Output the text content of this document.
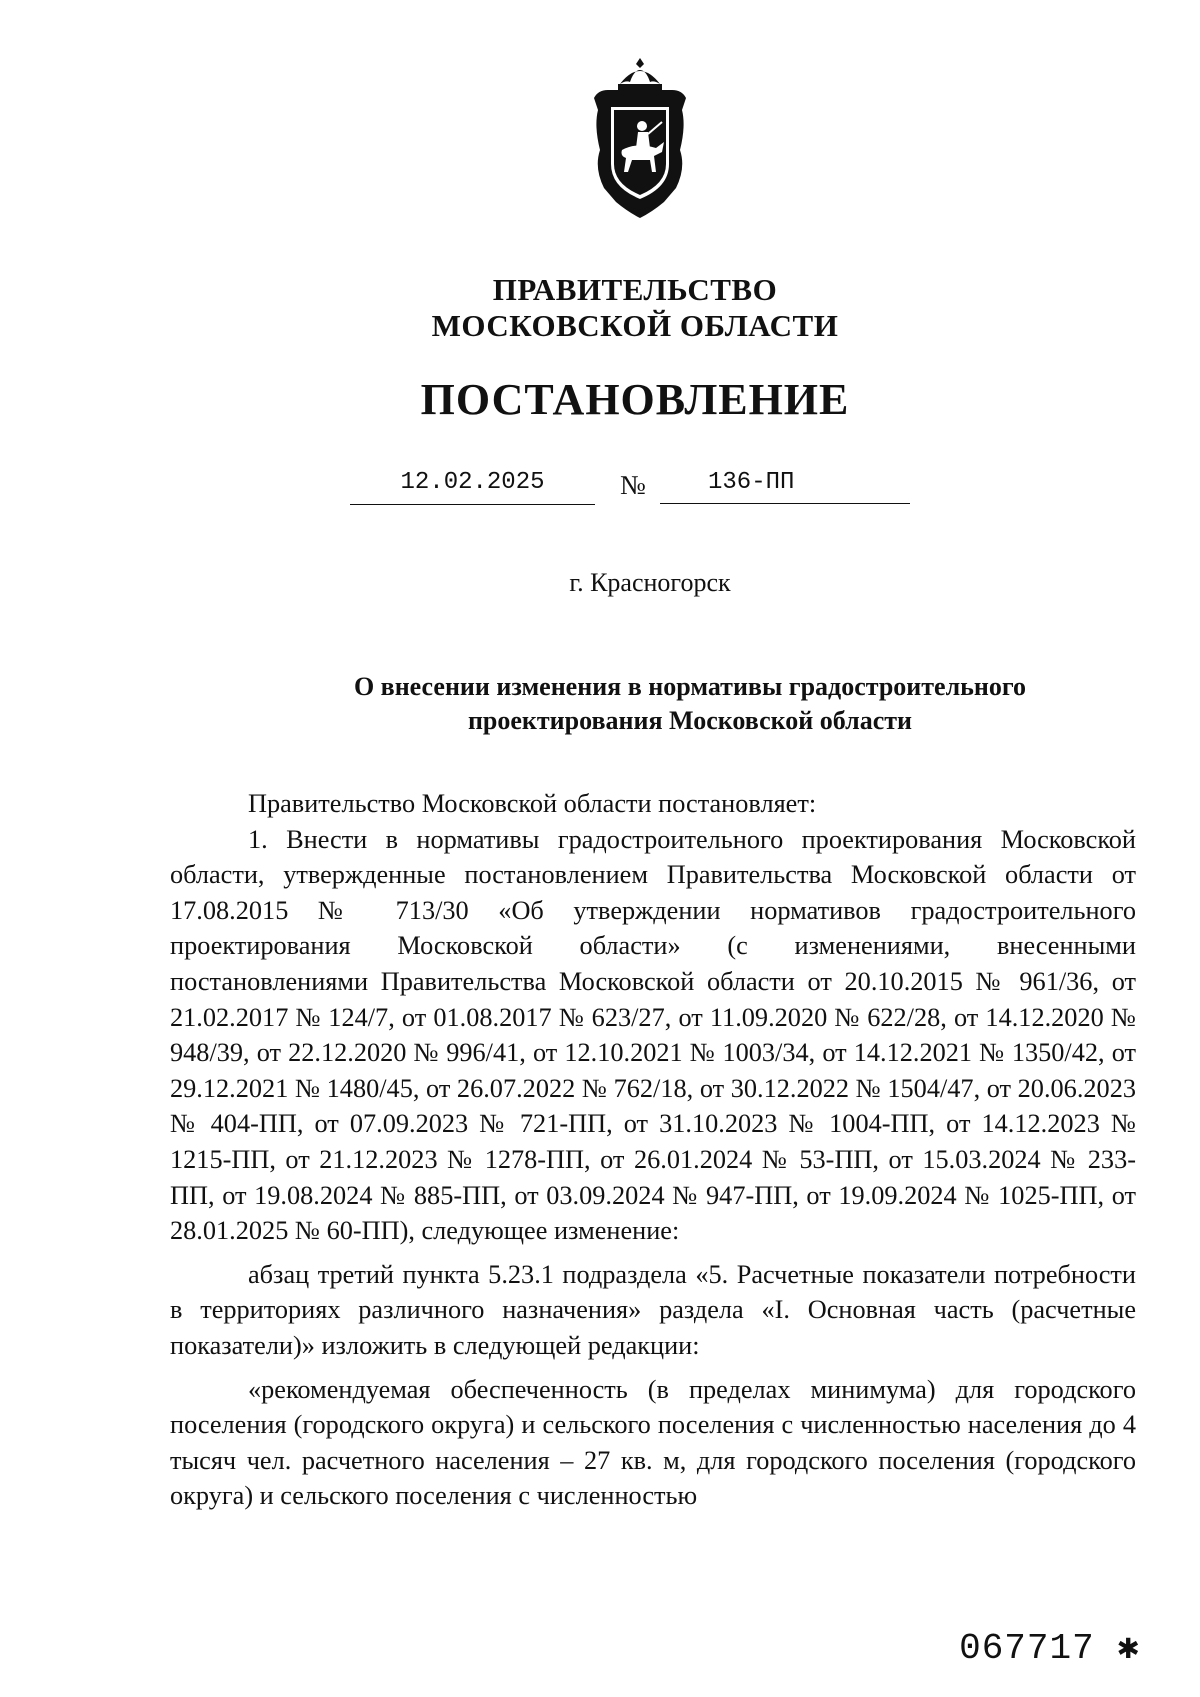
ПРАВИТЕЛЬСТВО
МОСКОВСКОЙ ОБЛАСТИ
ПОСТАНОВЛЕНИЕ
12.02.2025	№	136-ПП
г. Красногорск
О внесении изменения в нормативы градостроительного проектирования Московской области

Правительство Московской области постановляет:

1. Внести в нормативы градостроительного проектирования Московской области, утвержденные постановлением Правительства Московской области от 17.08.2015 № 713/30 «Об утверждении нормативов градостроительного проектирования Московской области» (с изменениями, внесенными постановлениями Правительства Московской области от 20.10.2015 № 961/36, от 21.02.2017 № 124/7, от 01.08.2017 № 623/27, от 11.09.2020 № 622/28, от 14.12.2020 № 948/39, от 22.12.2020 № 996/41, от 12.10.2021 № 1003/34, от 14.12.2021 № 1350/42, от 29.12.2021 № 1480/45, от 26.07.2022 № 762/18, от 30.12.2022 № 1504/47, от 20.06.2023 № 404-ПП, от 07.09.2023 № 721-ПП, от 31.10.2023 № 1004-ПП, от 14.12.2023 № 1215-ПП, от 21.12.2023 № 1278-ПП, от 26.01.2024 № 53-ПП, от 15.03.2024 № 233-ПП, от 19.08.2024 № 885-ПП, от 03.09.2024 № 947-ПП, от 19.09.2024 № 1025-ПП, от 28.01.2025 № 60-ПП), следующее изменение:

абзац третий пункта 5.23.1 подраздела «5. Расчетные показатели потребности в территориях различного назначения» раздела «I. Основная часть (расчетные показатели)» изложить в следующей редакции:

«рекомендуемая обеспеченность (в пределах минимума) для городского поселения (городского округа) и сельского поселения с численностью населения до 4 тысяч чел. расчетного населения – 27 кв. м, для городского поселения (городского округа) и сельского поселения с численностью

067717 ✱
